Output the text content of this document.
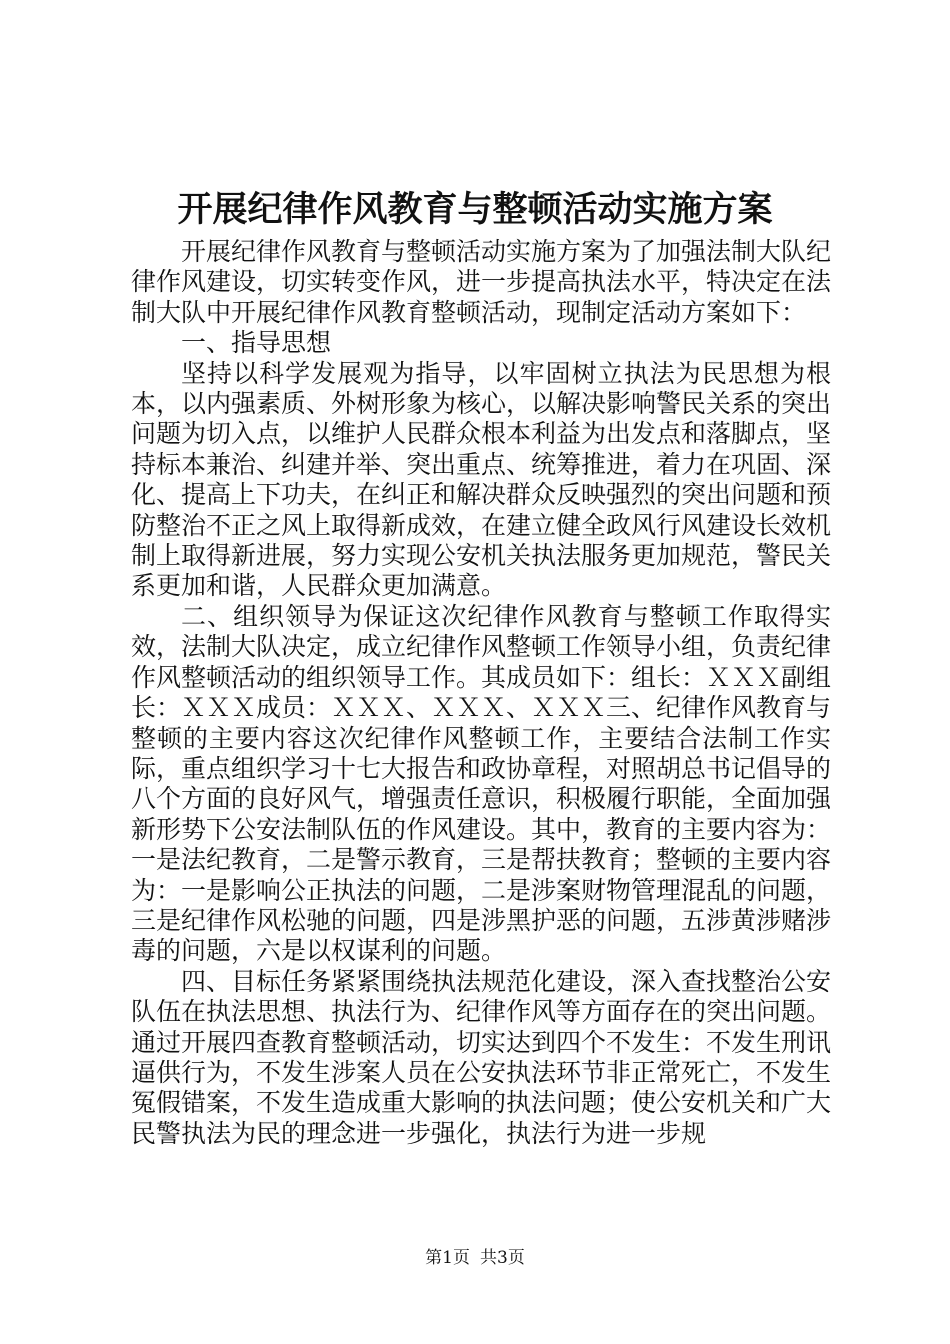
开展纪律作风教育与整顿活动实施方案

开展纪律作风教育与整顿活动实施方案为了加强法制大队纪律作风建设，切实转变作风，进一步提高执法水平，特决定在法制大队中开展纪律作风教育整顿活动，现制定活动方案如下：

一、指导思想

坚持以科学发展观为指导，以牢固树立执法为民思想为根本，以内强素质、外树形象为核心，以解决影响警民关系的突出问题为切入点，以维护人民群众根本利益为出发点和落脚点，坚持标本兼治、纠建并举、突出重点、统筹推进，着力在巩固、深化、提高上下功夫，在纠正和解决群众反映强烈的突出问题和预防整治不正之风上取得新成效，在建立健全政风行风建设长效机制上取得新进展，努力实现公安机关执法服务更加规范，警民关系更加和谐，人民群众更加满意。

二、组织领导为保证这次纪律作风教育与整顿工作取得实效，法制大队决定，成立纪律作风整顿工作领导小组，负责纪律作风整顿活动的组织领导工作。其成员如下：组长：ＸＸＸ副组长：ＸＸＸ成员：ＸＸＸ、ＸＸＸ、ＸＸＸ三、纪律作风教育与整顿的主要内容这次纪律作风整顿工作，主要结合法制工作实际，重点组织学习十七大报告和政协章程，对照胡总书记倡导的八个方面的良好风气，增强责任意识，积极履行职能，全面加强新形势下公安法制队伍的作风建设。其中，教育的主要内容为：一是法纪教育，二是警示教育，三是帮扶教育；整顿的主要内容为：一是影响公正执法的问题，二是涉案财物管理混乱的问题，三是纪律作风松驰的问题，四是涉黑护恶的问题，五涉黄涉赌涉毒的问题，六是以权谋利的问题。

四、目标任务紧紧围绕执法规范化建设，深入查找整治公安队伍在执法思想、执法行为、纪律作风等方面存在的突出问题。通过开展四查教育整顿活动，切实达到四个不发生：不发生刑讯逼供行为，不发生涉案人员在公安执法环节非正常死亡，不发生冤假错案，不发生造成重大影响的执法问题；使公安机关和广大民警执法为民的理念进一步强化，执法行为进一步规

第1页 共3页
